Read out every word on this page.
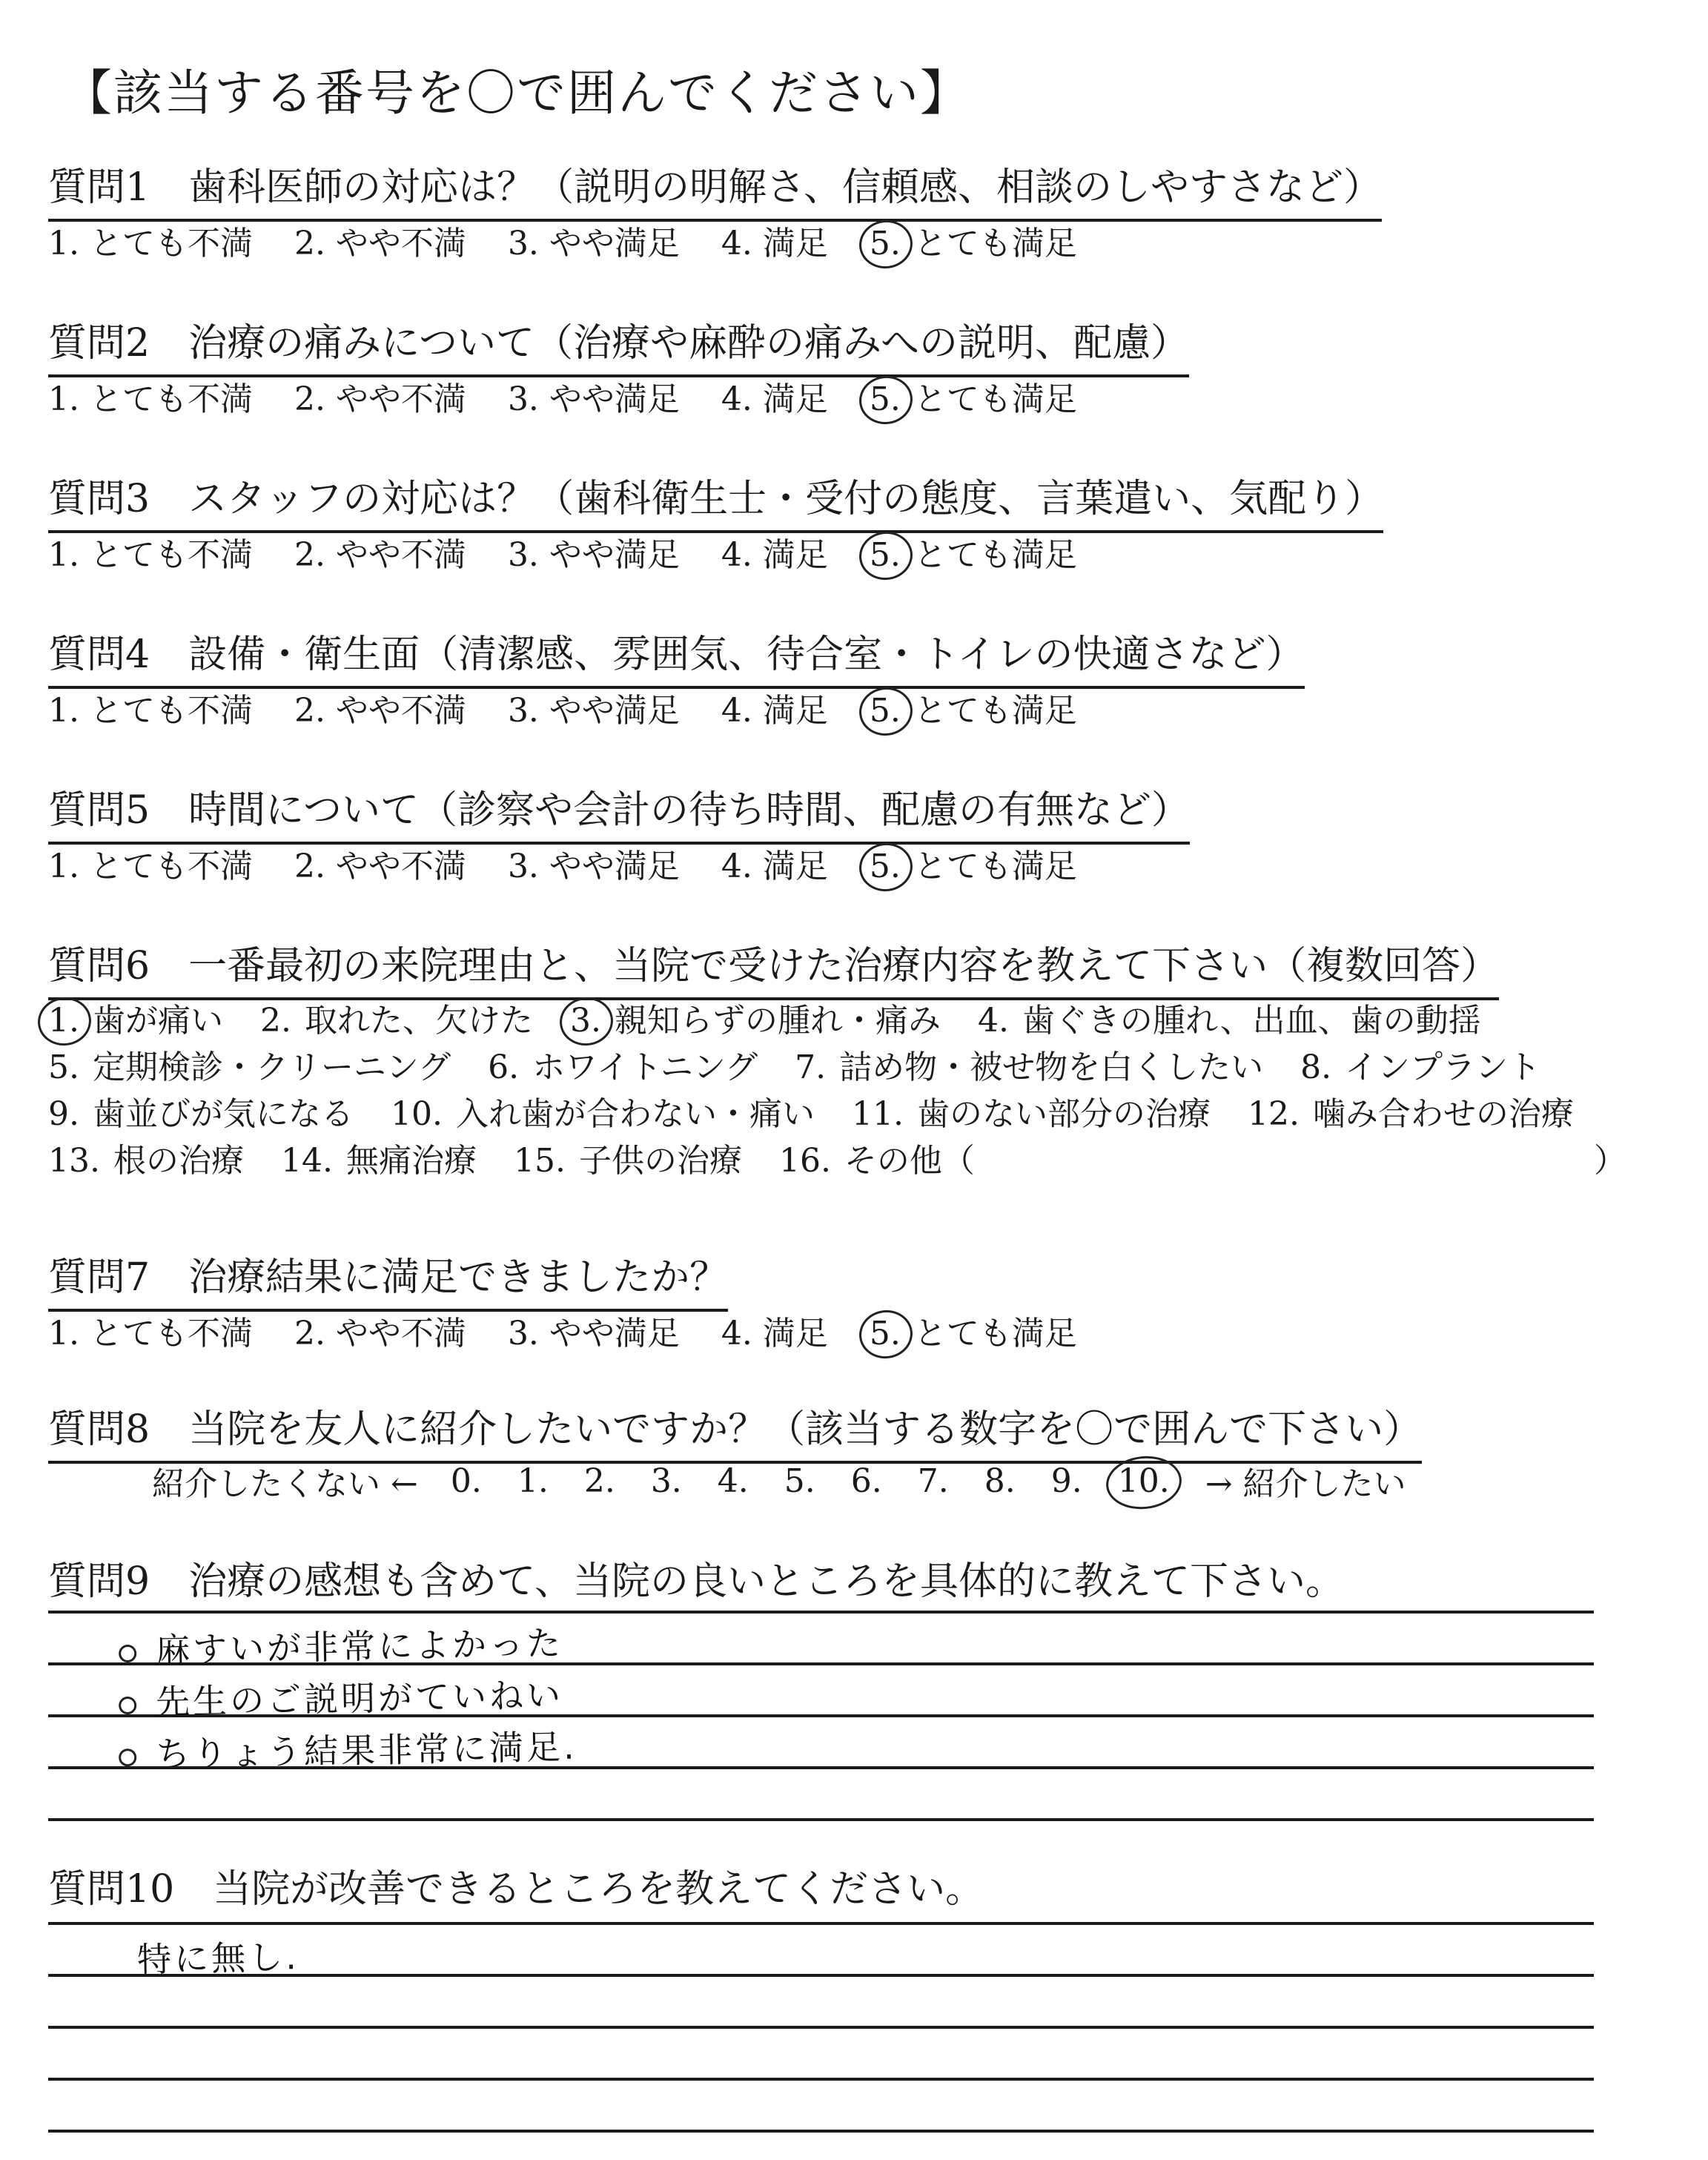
【該当する番号を〇で囲んでください】
質問1　歯科医師の対応は？（説明の明解さ、信頼感、相談のしやすさなど）
1. とても不満 2. やや不満 3. やや満足 4. 満足 5. とても満足
質問2　治療の痛みについて（治療や麻酔の痛みへの説明、配慮）
1. とても不満 2. やや不満 3. やや満足 4. 満足 5. とても満足
質問3　スタッフの対応は？（歯科衛生士・受付の態度、言葉遣い、気配り）
1. とても不満 2. やや不満 3. やや満足 4. 満足 5. とても満足
質問4　設備・衛生面（清潔感、雰囲気、待合室・トイレの快適さなど）
1. とても不満 2. やや不満 3. やや満足 4. 満足 5. とても満足
質問5　時間について（診察や会計の待ち時間、配慮の有無など）
1. とても不満 2. やや不満 3. やや満足 4. 満足 5. とても満足
質問6　一番最初の来院理由と、当院で受けた治療内容を教えて下さい（複数回答）
1. 歯が痛い 2. 取れた、欠けた 3. 親知らずの腫れ・痛み 4. 歯ぐきの腫れ、出血、歯の動揺
5. 定期検診・クリーニング 6. ホワイトニング 7. 詰め物・被せ物を白くしたい 8. インプラント
9. 歯並びが気になる 10. 入れ歯が合わない・痛い 11. 歯のない部分の治療 12. 噛み合わせの治療
13. 根の治療 14. 無痛治療 15. 子供の治療 16. その他（	）
質問7　治療結果に満足できましたか？
1. とても不満 2. やや不満 3. やや満足 4. 満足 5. とても満足
質問8　当院を友人に紹介したいですか？（該当する数字を〇で囲んで下さい）
紹介したくない ← 0. 1. 2. 3. 4. 5. 6. 7. 8. 9. 10. → 紹介したい
質問9　治療の感想も含めて、当院の良いところを具体的に教えて下さい。
麻すいが非常によかった
先生のご説明がていねい
ちりょう結果非常に満足.
質問10　当院が改善できるところを教えてください。
特に無し.
